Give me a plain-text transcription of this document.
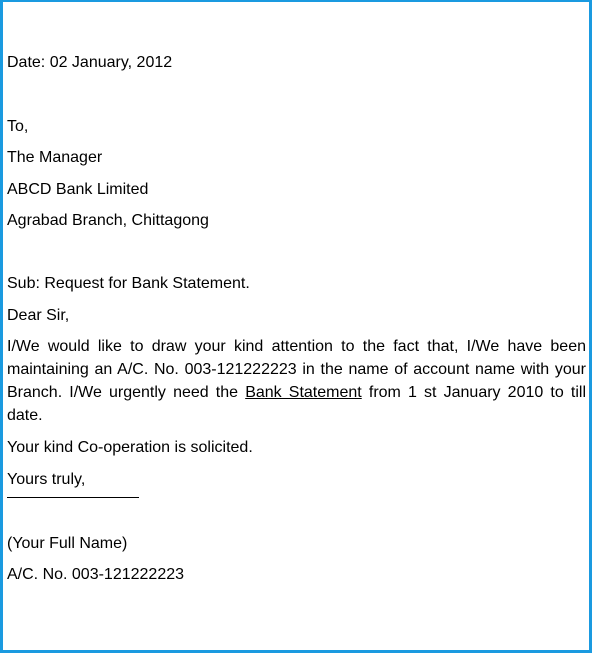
Date: 02 January, 2012
To,
The Manager
ABCD Bank Limited
Agrabad Branch, Chittagong
Sub: Request for Bank Statement.
Dear Sir,
I/We would like to draw your kind attention to the fact that, I/We have been maintaining an A/C. No. 003-121222223 in the name of account name with your Branch. I/We urgently need the Bank Statement from 1 st January 2010 to till date.
Your kind Co-operation is solicited.
Yours truly,
(Your Full Name)
A/C. No. 003-121222223
